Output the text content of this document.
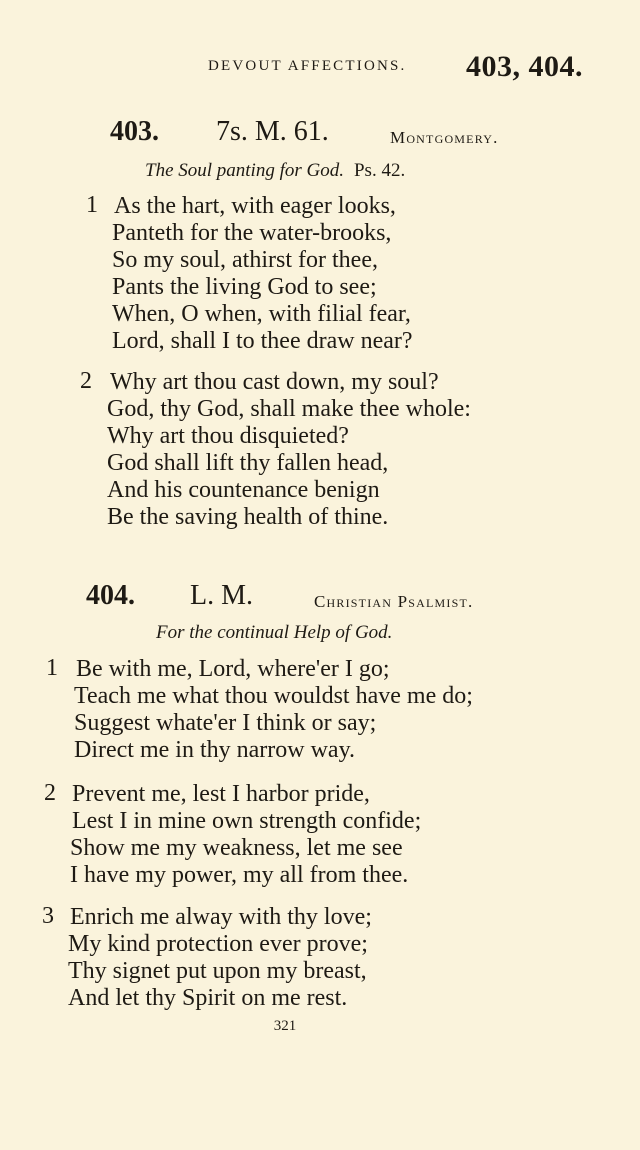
DEVOUT AFFECTIONS. 403, 404.
403. 7s. M. 61.	Montgomery.
The Soul panting for God. Ps. 42.
1 As the hart, with eager looks,
Panteth for the water-brooks,
So my soul, athirst for thee,
Pants the living God to see;
When, O when, with filial fear,
Lord, shall I to thee draw near?
2 Why art thou cast down, my soul?
God, thy God, shall make thee whole:
Why art thou disquieted?
God shall lift thy fallen head,
And his countenance benign
Be the saving health of thine.
404. L. M.	Christian Psalmist.
For the continual Help of God.
1 Be with me, Lord, where'er I go;
Teach me what thou wouldst have me do;
Suggest whate'er I think or say;
Direct me in thy narrow way.
2 Prevent me, lest I harbor pride,
Lest I in mine own strength confide;
Show me my weakness, let me see
I have my power, my all from thee.
3 Enrich me alway with thy love;
My kind protection ever prove;
Thy signet put upon my breast,
And let thy Spirit on me rest.
321
